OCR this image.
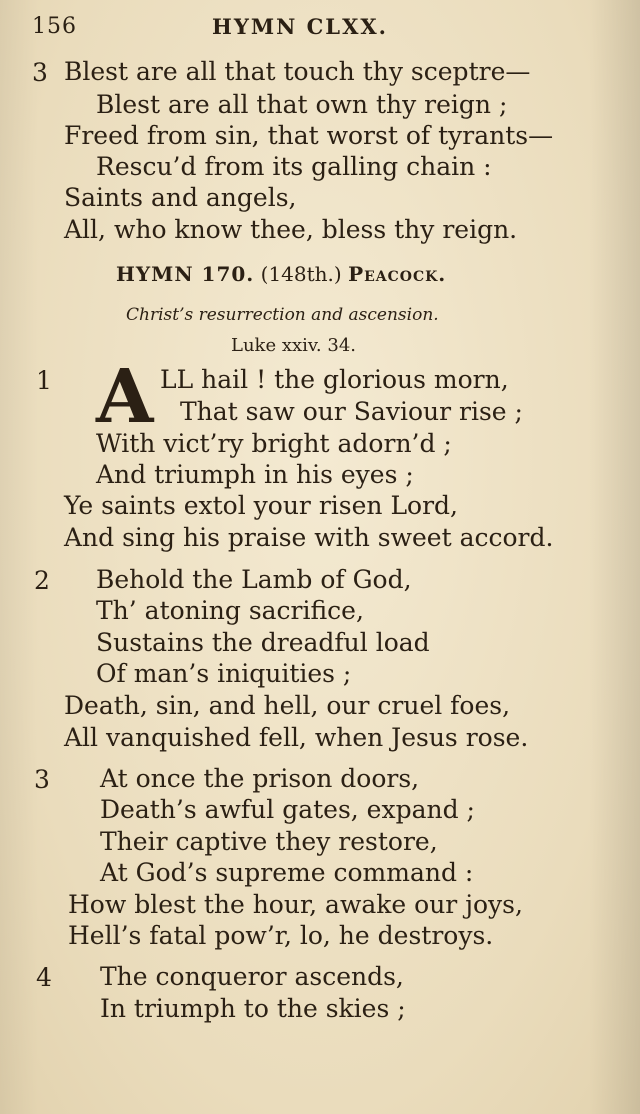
156	HYMN CLXX.
3 Blest are all that touch thy sceptre—
Blest are all that own thy reign ;
Freed from sin, that worst of tyrants—
Rescu’d from its galling chain :
Saints and angels,
All, who know thee, bless thy reign.
HYMN 170. (148th.) Peacock.
Christ’s resurrection and ascension.
Luke xxiv. 34.
1 A LL hail ! the glorious morn,
That saw our Saviour rise ;
With vict’ry bright adorn’d ;
And triumph in his eyes ;
Ye saints extol your risen Lord,
And sing his praise with sweet accord.
2 Behold the Lamb of God,
Th’ atoning sacrifice,
Sustains the dreadful load
Of man’s iniquities ;
Death, sin, and hell, our cruel foes,
All vanquished fell, when Jesus rose.
3 At once the prison doors,
Death’s awful gates, expand ;
Their captive they restore,
At God’s supreme command :
How blest the hour, awake our joys,
Hell’s fatal pow’r, lo, he destroys.
4 The conqueror ascends,
In triumph to the skies ;
